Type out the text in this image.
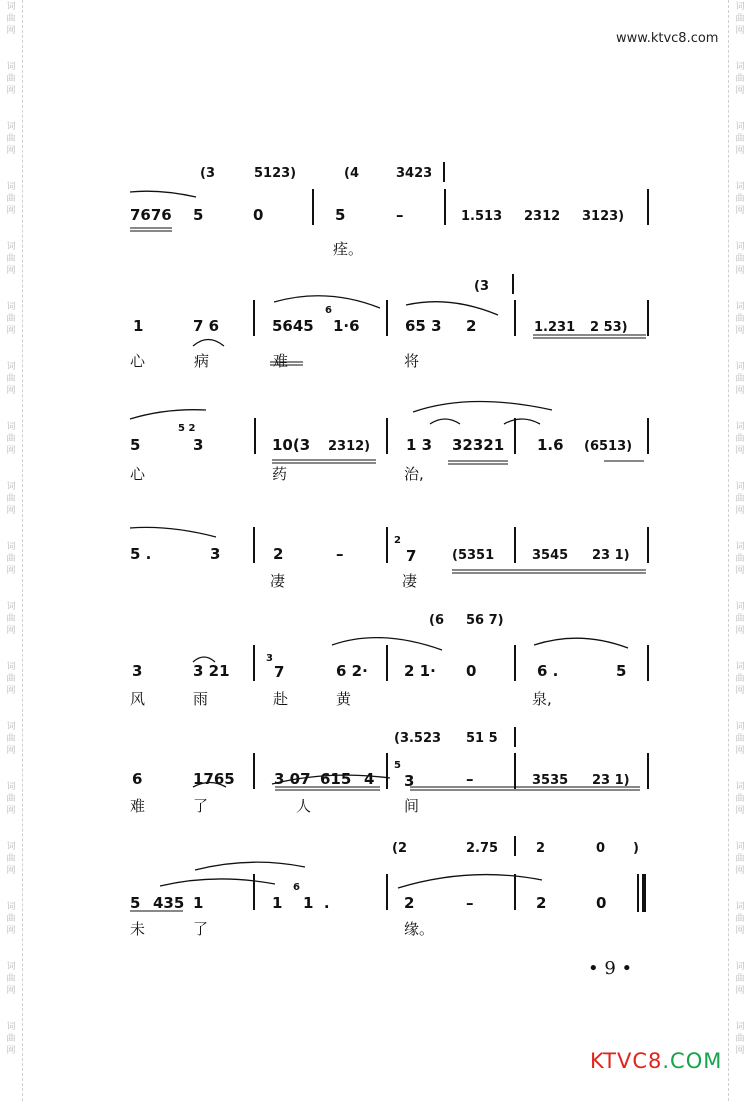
词
曲
网
词
曲
网
词
曲
网
词
曲
网
词
曲
网
词
曲
网
词
曲
网
词
曲
网
词
曲
网
词
曲
网
词
曲
网
词
曲
网
词
曲
网
词
曲
网
词
曲
网
词
曲
网
词
曲
网
词
曲
网
词
曲
网
词
曲
网
词
曲
网
词
曲
网
词
曲
网
词
曲
网
词
曲
网
词
曲
网
词
曲
网
词
曲
网
词
曲
网
词
曲
网
词
曲
网
词
曲
网
词
曲
网
词
曲
网
词
曲
网
词
曲
网
www.ktvc8.com
(3	5123)	(4	3423
7676 5	0	5	–	1.513 2312 3123)
痊。
(3
1	7 6	5645
6
1·6	65 3 2	1.231 2 53)
心	病	难	将
5
5 2
3	10(3 2312) 1 3 32321 1.6 (6513)
心	药	治,
5 .	3	2	–
2
7	(5351	3545 23 1)
凄	凄
(6 56 7)
3	3 21
3
7	6 2· 2 1· 0	6 .	5
风	雨	赴	黄	泉,
(3.523 51 5
6	1765	3 07 615 4
5
3	–	3535 23 1)
难	了	人	间
(2	2.75	2	0 )
5 435 1	1
6
1  .	2	–	2	0
未	了	缘。
• 9 •
KTVC8.COM
